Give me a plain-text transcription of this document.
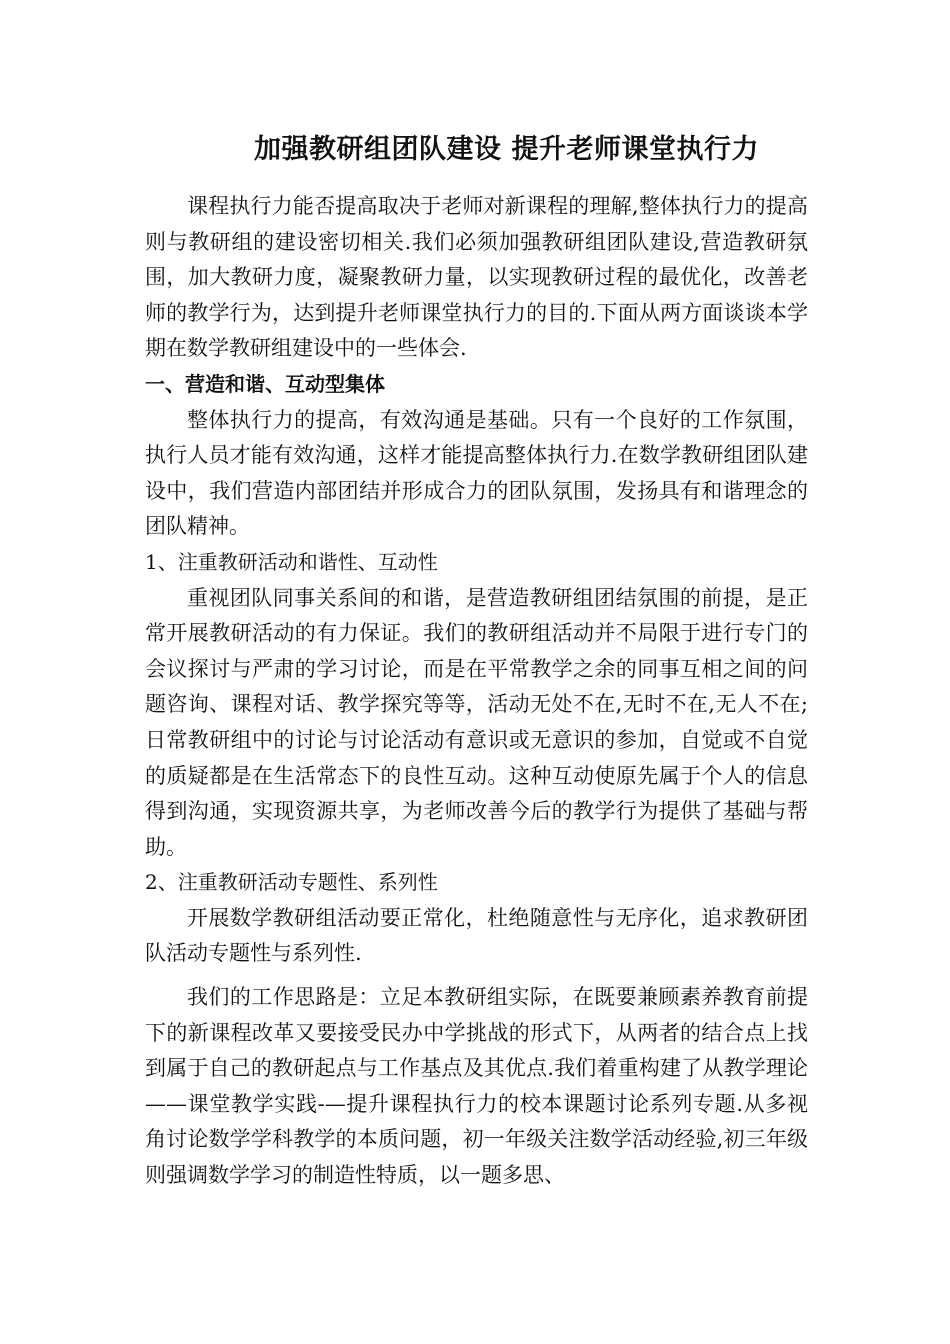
加强教研组团队建设 提升老师课堂执行力

课程执行力能否提高取决于老师对新课程的理解,整体执行力的提高则与教研组的建设密切相关.我们必须加强教研组团队建设,营造教研氛围，加大教研力度，凝聚教研力量，以实现教研过程的最优化，改善老师的教学行为，达到提升老师课堂执行力的目的.下面从两方面谈谈本学期在数学教研组建设中的一些体会.

一、营造和谐、互动型集体

整体执行力的提高，有效沟通是基础。只有一个良好的工作氛围，执行人员才能有效沟通，这样才能提高整体执行力.在数学教研组团队建设中，我们营造内部团结并形成合力的团队氛围，发扬具有和谐理念的团队精神。

1、注重教研活动和谐性、互动性

重视团队同事关系间的和谐，是营造教研组团结氛围的前提，是正常开展教研活动的有力保证。我们的教研组活动并不局限于进行专门的会议探讨与严肃的学习讨论，而是在平常教学之余的同事互相之间的问题咨询、课程对话、教学探究等等，活动无处不在,无时不在,无人不在;日常教研组中的讨论与讨论活动有意识或无意识的参加，自觉或不自觉的质疑都是在生活常态下的良性互动。这种互动使原先属于个人的信息得到沟通，实现资源共享，为老师改善今后的教学行为提供了基础与帮助。

2、注重教研活动专题性、系列性

开展数学教研组活动要正常化，杜绝随意性与无序化，追求教研团队活动专题性与系列性.

我们的工作思路是：立足本教研组实际，在既要兼顾素养教育前提下的新课程改革又要接受民办中学挑战的形式下，从两者的结合点上找到属于自己的教研起点与工作基点及其优点.我们着重构建了从教学理论——课堂教学实践-—提升课程执行力的校本课题讨论系列专题.从多视角讨论数学学科教学的本质问题，初一年级关注数学活动经验,初三年级则强调数学学习的制造性特质，以一题多思、
